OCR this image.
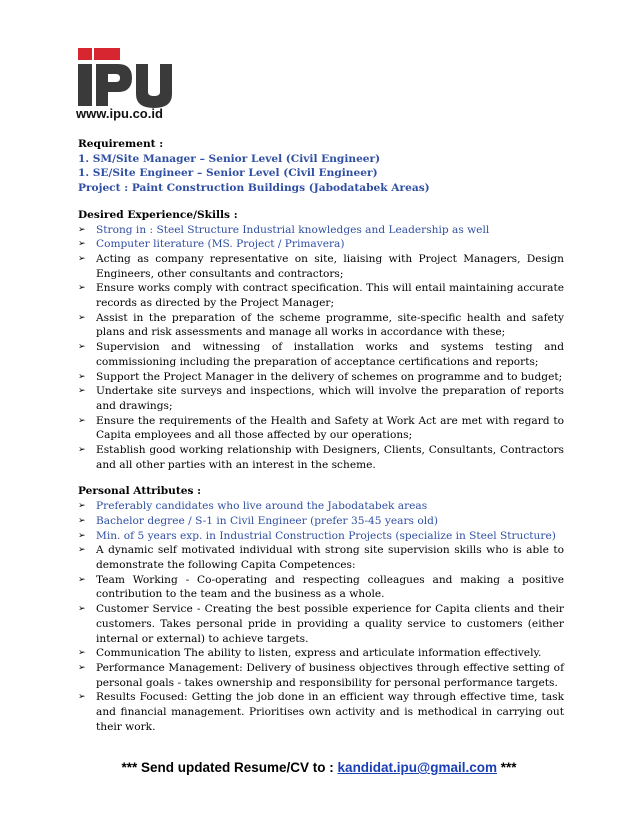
www.ipu.co.id
Requirement :
1. SM/Site Manager – Senior Level (Civil Engineer)
1. SE/Site Engineer – Senior Level (Civil Engineer)
Project : Paint Construction Buildings (Jabodatabek Areas)
Desired Experience/Skills :
➢ Strong in : Steel Structure Industrial knowledges and Leadership as well
➢ Computer literature (MS. Project / Primavera)
➢ Acting as company representative on site, liaising with Project Managers, Design Engineers, other consultants and contractors;
➢ Ensure works comply with contract specification. This will entail maintaining accurate records as directed by the Project Manager;
➢ Assist in the preparation of the scheme programme, site-specific health and safety plans and risk assessments and manage all works in accordance with these;
➢ Supervision and witnessing of installation works and systems testing and commissioning including the preparation of acceptance certifications and reports;
➢ Support the Project Manager in the delivery of schemes on programme and to budget;
➢ Undertake site surveys and inspections, which will involve the preparation of reports and drawings;
➢ Ensure the requirements of the Health and Safety at Work Act are met with regard to Capita employees and all those affected by our operations;
➢ Establish good working relationship with Designers, Clients, Consultants, Contractors and all other parties with an interest in the scheme.
Personal Attributes :
➢ Preferably candidates who live around the Jabodatabek areas
➢ Bachelor degree / S-1 in Civil Engineer (prefer 35-45 years old)
➢ Min. of 5 years exp. in Industrial Construction Projects (specialize in Steel Structure)
➢ A dynamic self motivated individual with strong site supervision skills who is able to demonstrate the following Capita Competences:
➢ Team Working - Co-operating and respecting colleagues and making a positive contribution to the team and the business as a whole.
➢ Customer Service - Creating the best possible experience for Capita clients and their customers. Takes personal pride in providing a quality service to customers (either internal or external) to achieve targets.
➢ Communication The ability to listen, express and articulate information effectively.
➢ Performance Management: Delivery of business objectives through effective setting of personal goals - takes ownership and responsibility for personal performance targets.
➢ Results Focused: Getting the job done in an efficient way through effective time, task and financial management. Prioritises own activity and is methodical in carrying out their work.
*** Send updated Resume/CV to : kandidat.ipu@gmail.com ***
